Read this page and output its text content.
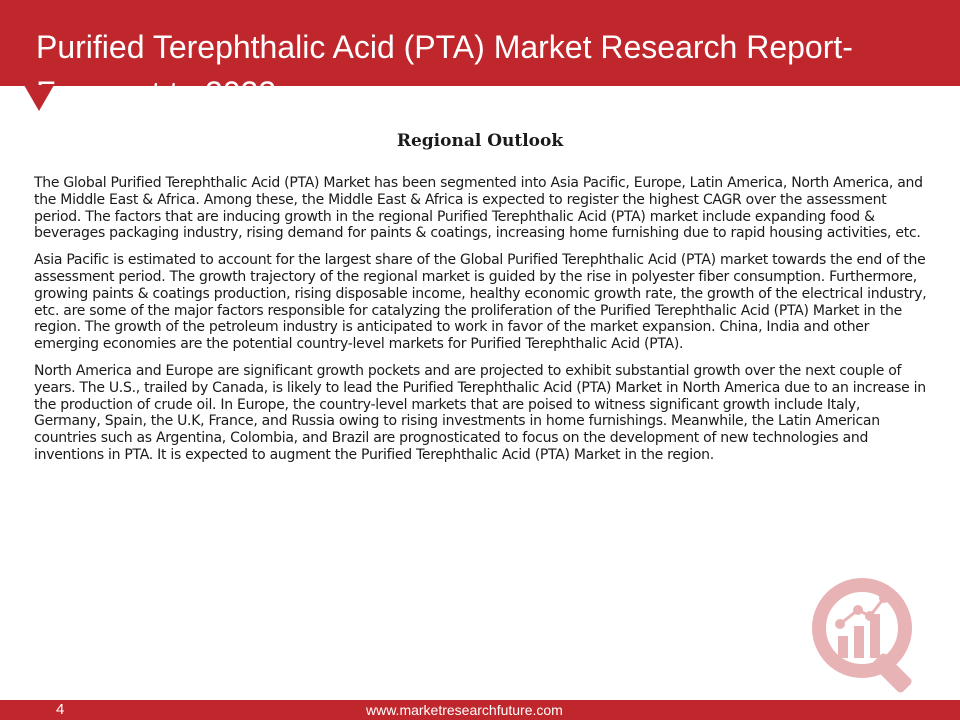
Purified Terephthalic Acid (PTA) Market Research Report- Forecast to 2023
Regional Outlook

The Global Purified Terephthalic Acid (PTA) Market has been segmented into Asia Pacific, Europe, Latin America, North America, and the Middle East & Africa. Among these, the Middle East & Africa is expected to register the highest CAGR over the assessment period. The factors that are inducing growth in the regional Purified Terephthalic Acid (PTA) market include expanding food & beverages packaging industry, rising demand for paints & coatings, increasing home furnishing due to rapid housing activities, etc.

Asia Pacific is estimated to account for the largest share of the Global Purified Terephthalic Acid (PTA) market towards the end of the assessment period. The growth trajectory of the regional market is guided by the rise in polyester fiber consumption. Furthermore, growing paints & coatings production, rising disposable income, healthy economic growth rate, the growth of the electrical industry, etc. are some of the major factors responsible for catalyzing the proliferation of the Purified Terephthalic Acid (PTA) Market in the region. The growth of the petroleum industry is anticipated to work in favor of the market expansion. China, India and other emerging economies are the potential country-level markets for Purified Terephthalic Acid (PTA).

North America and Europe are significant growth pockets and are projected to exhibit substantial growth over the next couple of years. The U.S., trailed by Canada, is likely to lead the Purified Terephthalic Acid (PTA) Market in North America due to an increase in the production of crude oil. In Europe, the country-level markets that are poised to witness significant growth include Italy, Germany, Spain, the U.K, France, and Russia owing to rising investments in home furnishings. Meanwhile, the Latin American countries such as Argentina, Colombia, and Brazil are prognosticated to focus on the development of new technologies and inventions in PTA. It is expected to augment the Purified Terephthalic Acid (PTA) Market in the region.

4	www.marketresearchfuture.com
